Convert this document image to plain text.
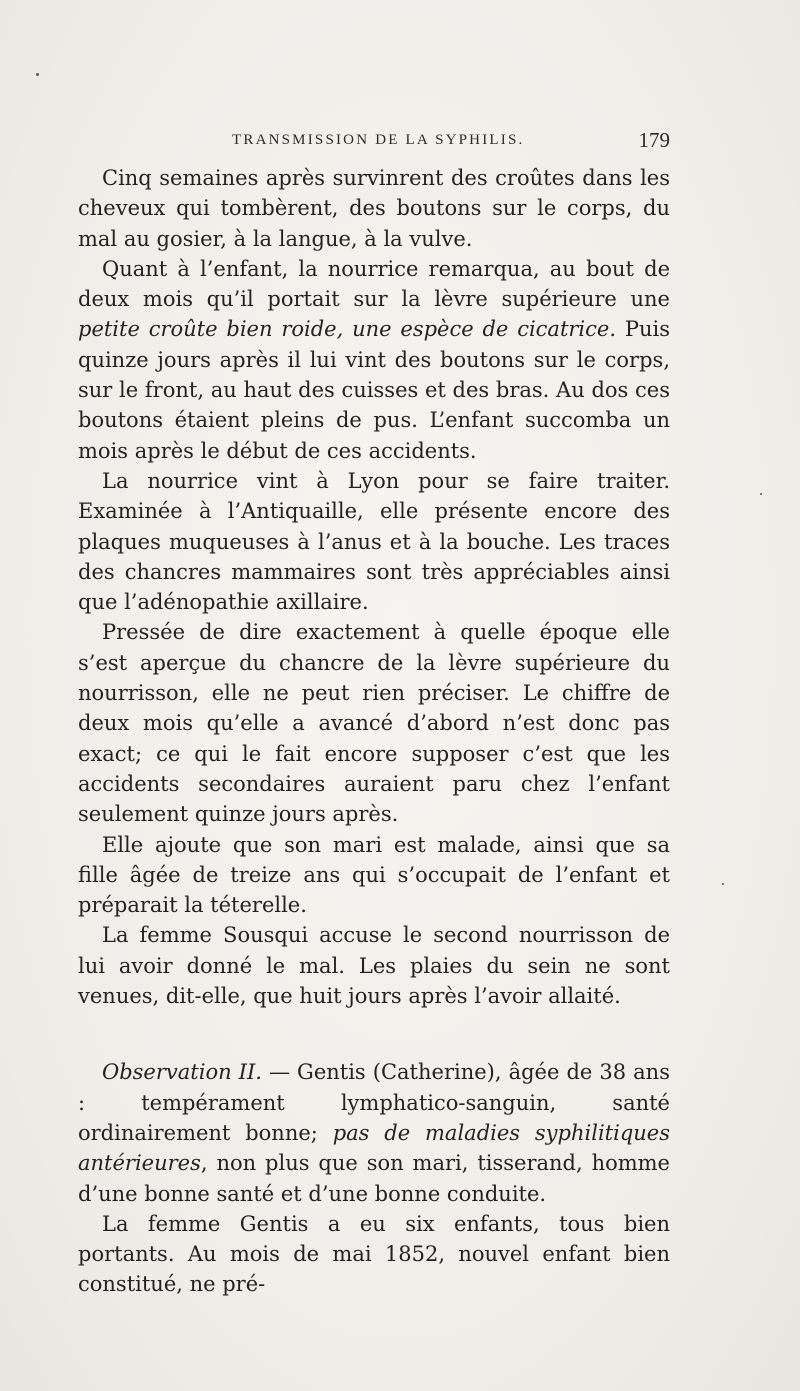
TRANSMISSION DE LA SYPHILIS.	179

Cinq semaines après survinrent des croûtes dans les cheveux qui tombèrent, des boutons sur le corps, du mal au gosier, à la langue, à la vulve.

Quant à l’enfant, la nourrice remarqua, au bout de deux mois qu’il portait sur la lèvre supérieure une petite croûte bien roide, une espèce de cicatrice. Puis quinze jours après il lui vint des boutons sur le corps, sur le front, au haut des cuisses et des bras. Au dos ces boutons étaient pleins de pus. L’enfant succomba un mois après le début de ces accidents.

La nourrice vint à Lyon pour se faire traiter. Examinée à l’Antiquaille, elle présente encore des plaques muqueuses à l’anus et à la bouche. Les traces des chancres mammaires sont très appréciables ainsi que l’adénopathie axillaire.

Pressée de dire exactement à quelle époque elle s’est aperçue du chancre de la lèvre supérieure du nourrisson, elle ne peut rien préciser. Le chiffre de deux mois qu’elle a avancé d’abord n’est donc pas exact; ce qui le fait encore supposer c’est que les accidents secondaires auraient paru chez l’enfant seulement quinze jours après.

Elle ajoute que son mari est malade, ainsi que sa fille âgée de treize ans qui s’occupait de l’enfant et préparait la téterelle.

La femme Sousqui accuse le second nourrisson de lui avoir donné le mal. Les plaies du sein ne sont venues, dit-elle, que huit jours après l’avoir allaité.

Observation II. — Gentis (Catherine), âgée de 38 ans : tempérament lymphatico-sanguin, santé ordinairement bonne; pas de maladies syphilitiques antérieures, non plus que son mari, tisserand, homme d’une bonne santé et d’une bonne conduite.

La femme Gentis a eu six enfants, tous bien portants. Au mois de mai 1852, nouvel enfant bien constitué, ne pré-
